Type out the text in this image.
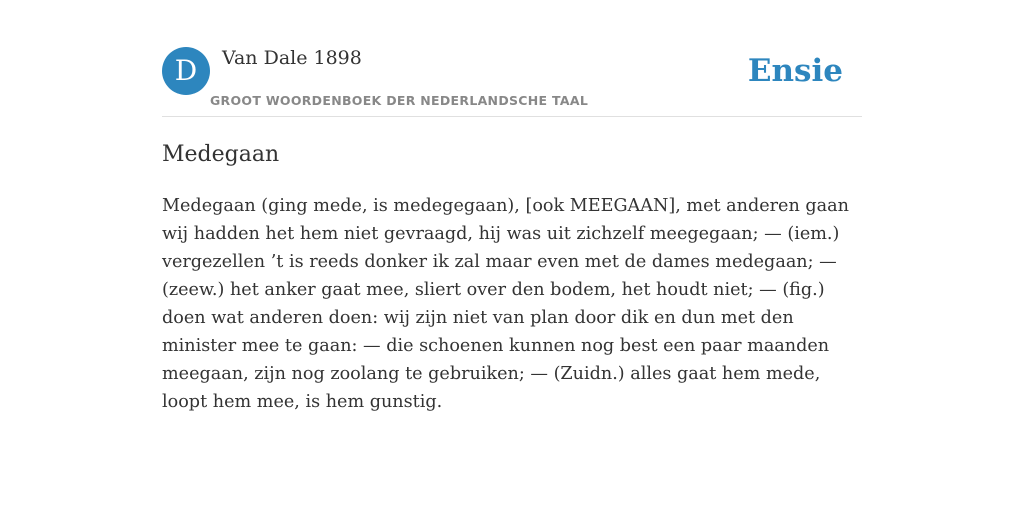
D	Van Dale 1898
GROOT WOORDENBOEK DER NEDERLANDSCHE TAAL
Ensie
Medegaan

Medegaan (ging mede, is medegegaan), [ook MEEGAAN], met anderen gaan wij hadden het hem niet gevraagd, hij was uit zichzelf meegegaan; — (iem.) vergezellen ’t is reeds donker ik zal maar even met de dames medegaan; — (zeew.) het anker gaat mee, sliert over den bodem, het houdt niet; — (fig.) doen wat anderen doen: wij zijn niet van plan door dik en dun met den minister mee te gaan: — die schoenen kunnen nog best een paar maanden meegaan, zijn nog zoolang te gebruiken; — (Zuidn.) alles gaat hem mede, loopt hem mee, is hem gunstig.
